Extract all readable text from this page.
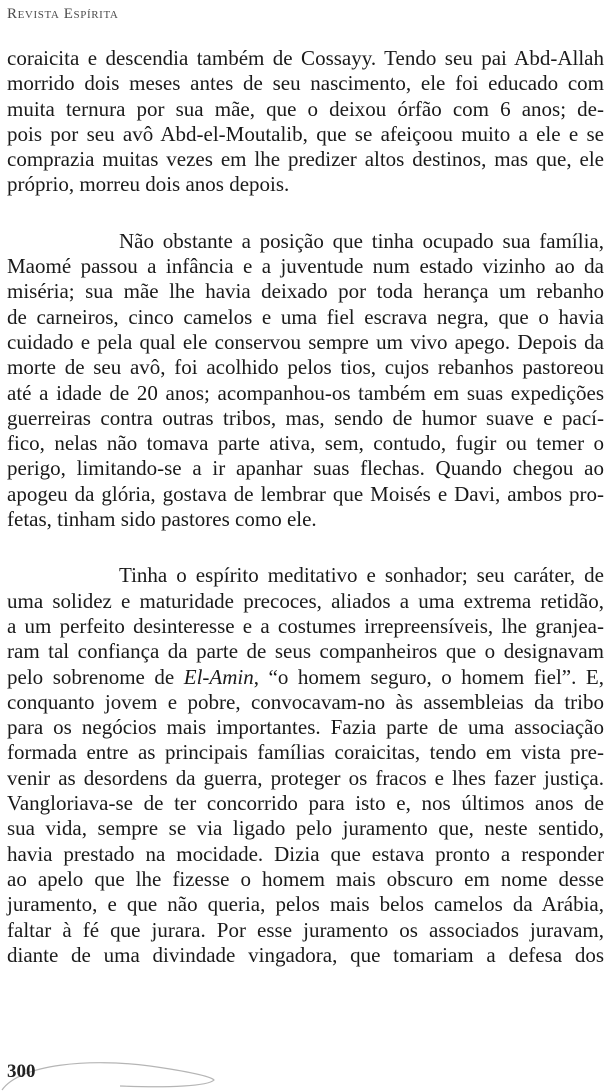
Revista Espírita

coraicita e descendia também de Cossayy. Tendo seu pai Abd-Allah
morrido dois meses antes de seu nascimento, ele foi educado com
muita ternura por sua mãe, que o deixou órfão com 6 anos; de-
pois por seu avô Abd-el-Moutalib, que se afeiçoou muito a ele e se
comprazia muitas vezes em lhe predizer altos destinos, mas que, ele
próprio, morreu dois anos depois.

Não obstante a posição que tinha ocupado sua família,
Maomé passou a infância e a juventude num estado vizinho ao da
miséria; sua mãe lhe havia deixado por toda herança um rebanho
de carneiros, cinco camelos e uma fiel escrava negra, que o havia
cuidado e pela qual ele conservou sempre um vivo apego. Depois da
morte de seu avô, foi acolhido pelos tios, cujos rebanhos pastoreou
até a idade de 20 anos; acompanhou-os também em suas expedições
guerreiras contra outras tribos, mas, sendo de humor suave e pací-
fico, nelas não tomava parte ativa, sem, contudo, fugir ou temer o
perigo, limitando-se a ir apanhar suas flechas. Quando chegou ao
apogeu da glória, gostava de lembrar que Moisés e Davi, ambos pro-
fetas, tinham sido pastores como ele.

Tinha o espírito meditativo e sonhador; seu caráter, de
uma solidez e maturidade precoces, aliados a uma extrema retidão,
a um perfeito desinteresse e a costumes irrepreensíveis, lhe granjea-
ram tal confiança da parte de seus companheiros que o designavam
pelo sobrenome de El-Amin, “o homem seguro, o homem fiel”. E,
conquanto jovem e pobre, convocavam-no às assembleias da tribo
para os negócios mais importantes. Fazia parte de uma associação
formada entre as principais famílias coraicitas, tendo em vista pre-
venir as desordens da guerra, proteger os fracos e lhes fazer justiça.
Vangloriava-se de ter concorrido para isto e, nos últimos anos de
sua vida, sempre se via ligado pelo juramento que, neste sentido,
havia prestado na mocidade. Dizia que estava pronto a responder
ao apelo que lhe fizesse o homem mais obscuro em nome desse
juramento, e que não queria, pelos mais belos camelos da Arábia,
faltar à fé que jurara. Por esse juramento os associados juravam,
diante de uma divindade vingadora, que tomariam a defesa dos

300
